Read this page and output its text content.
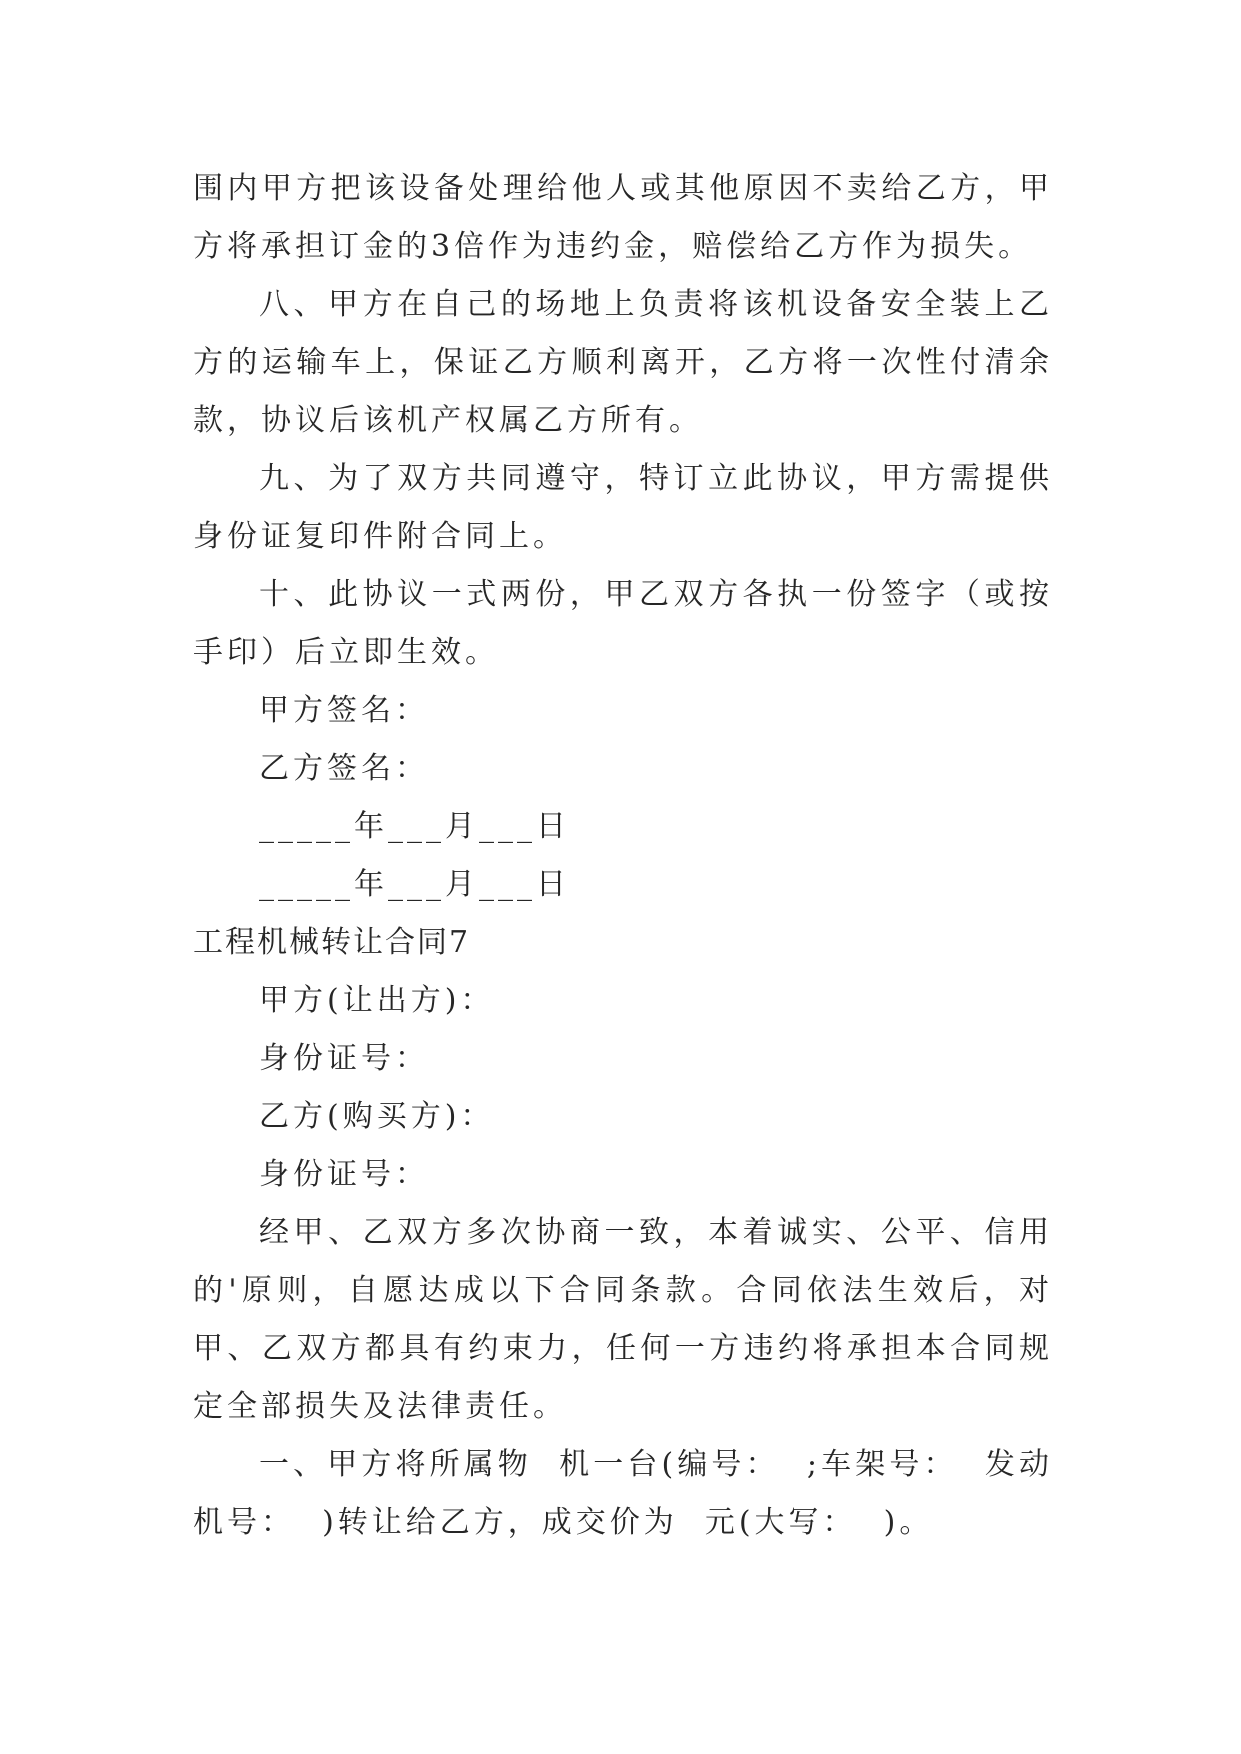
围内甲方把该设备处理给他人或其他原因不卖给乙方，甲方将承担订金的3倍作为违约金，赔偿给乙方作为损失。

八、甲方在自己的场地上负责将该机设备安全装上乙方的运输车上，保证乙方顺利离开，乙方将一次性付清余款，协议后该机产权属乙方所有。

九、为了双方共同遵守，特订立此协议，甲方需提供身份证复印件附合同上。

十、此协议一式两份，甲乙双方各执一份签字（或按手印）后立即生效。

甲方签名：

乙方签名：

_____年___月___日

_____年___月___日

工程机械转让合同7

甲方(让出方)：

身份证号：

乙方(购买方)：

身份证号：

经甲、乙双方多次协商一致，本着诚实、公平、信用的'原则，自愿达成以下合同条款。合同依法生效后，对甲、乙双方都具有约束力，任何一方违约将承担本合同规定全部损失及法律责任。

一、甲方将所属物  机一台(编号：  ;车架号：  发动机号：  )转让给乙方，成交价为  元(大写：  )。
